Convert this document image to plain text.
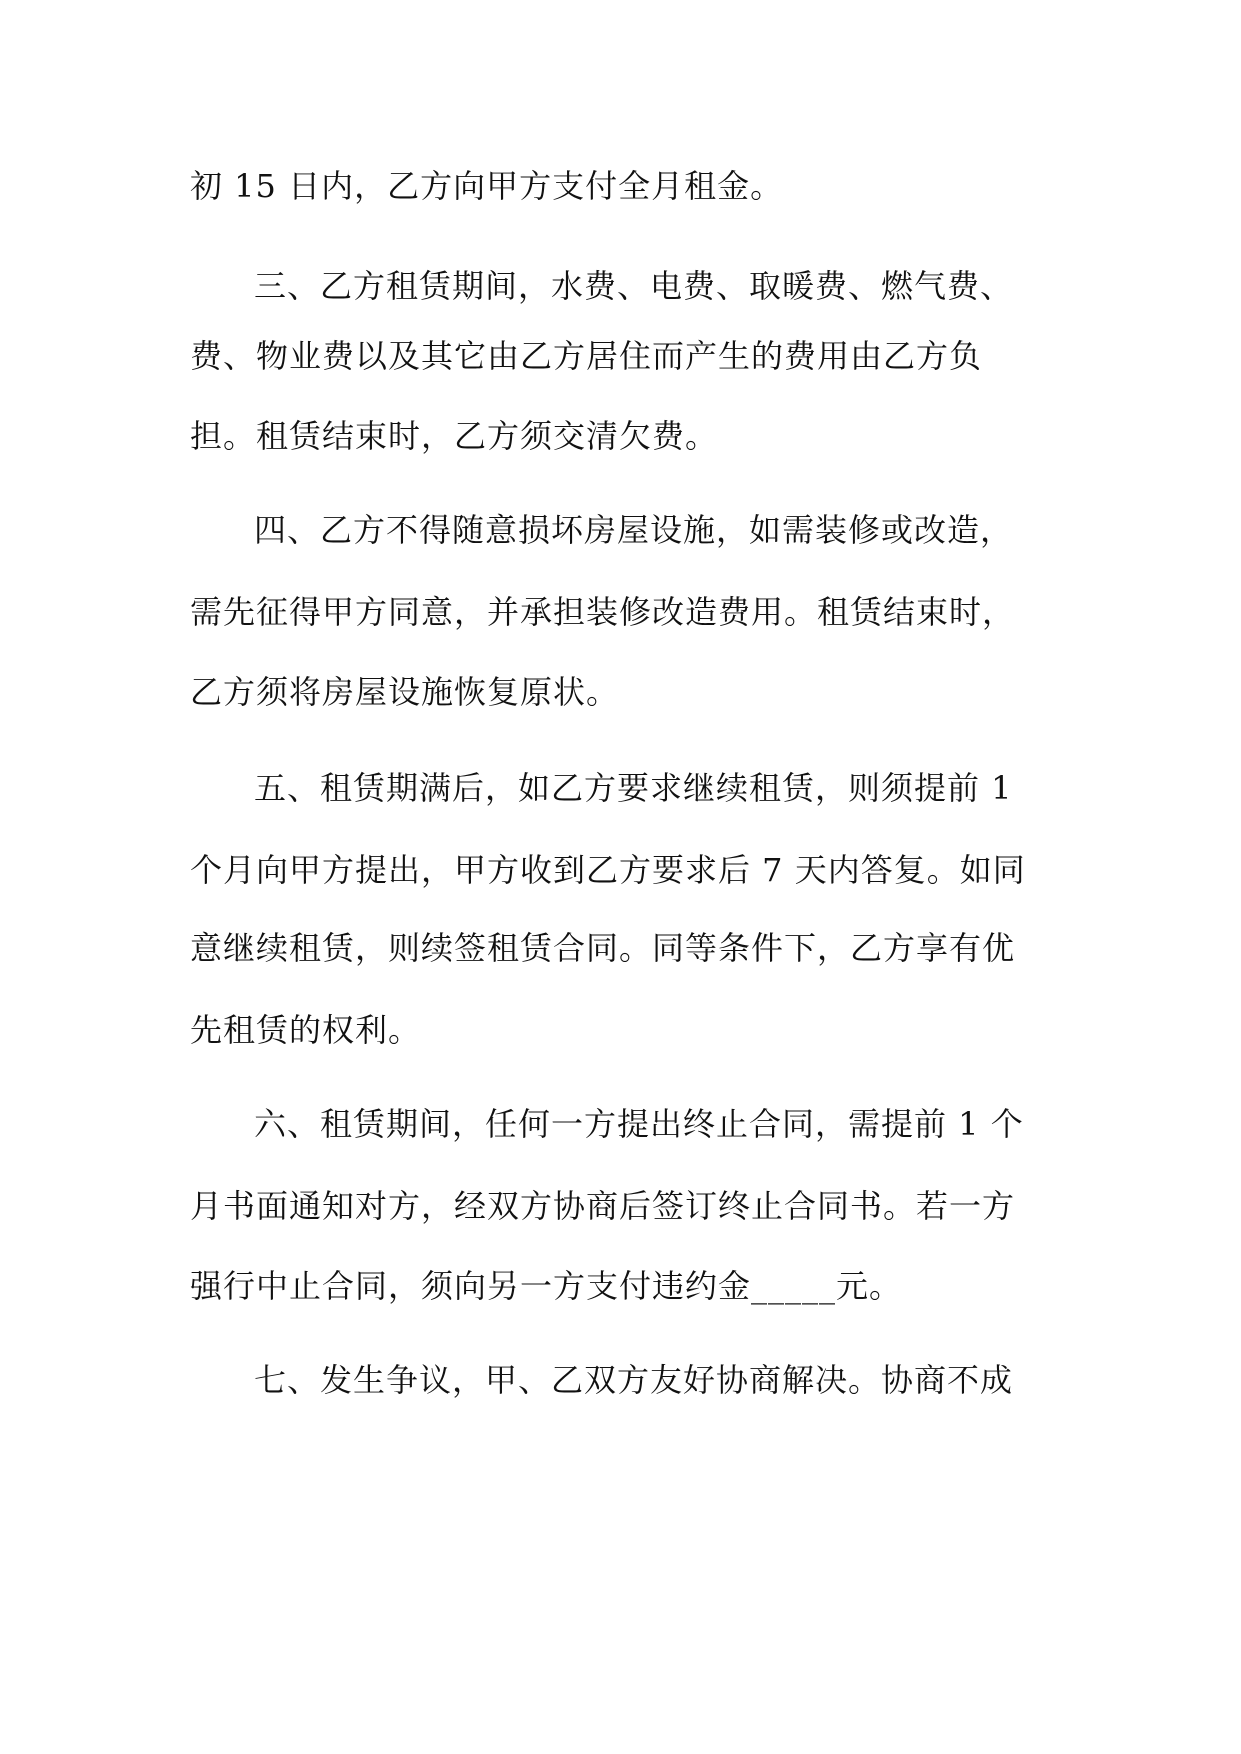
初 15 日内，乙方向甲方支付全月租金。
三、乙方租赁期间，水费、电费、取暖费、燃气费、
费、物业费以及其它由乙方居住而产生的费用由乙方负
担。租赁结束时，乙方须交清欠费。
四、乙方不得随意损坏房屋设施，如需装修或改造，
需先征得甲方同意，并承担装修改造费用。租赁结束时，
乙方须将房屋设施恢复原状。
五、租赁期满后，如乙方要求继续租赁，则须提前 1
个月向甲方提出，甲方收到乙方要求后 7 天内答复。如同
意继续租赁，则续签租赁合同。同等条件下，乙方享有优
先租赁的权利。
六、租赁期间，任何一方提出终止合同，需提前 1 个
月书面通知对方，经双方协商后签订终止合同书。若一方
强行中止合同，须向另一方支付违约金_____元。
七、发生争议，甲、乙双方友好协商解决。协商不成
